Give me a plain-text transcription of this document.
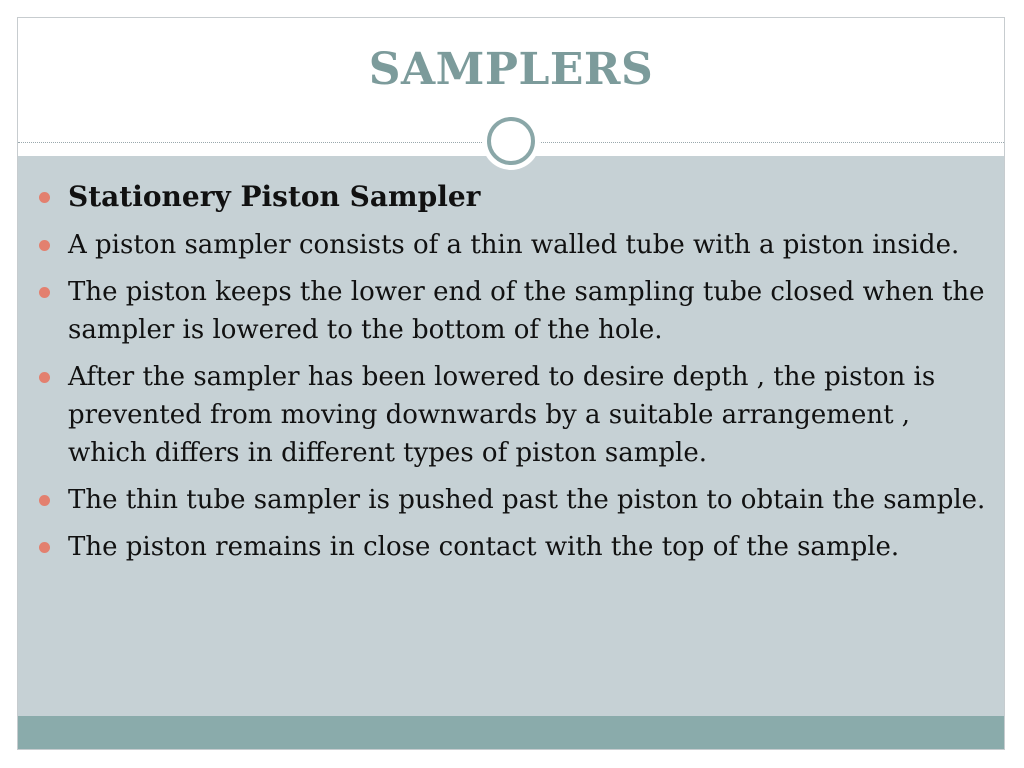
SAMPLERS
Stationery Piston Sampler
A piston sampler consists of a thin walled tube with a piston inside.
The piston keeps the lower end of the sampling tube closed when the sampler is lowered to the bottom of the hole.
After the sampler has been lowered to desire depth , the piston is prevented from moving downwards by a suitable arrangement , which differs in different types of piston sample.
The thin tube sampler is pushed past the piston to obtain the sample.
The piston remains in close contact with the top of the sample.
